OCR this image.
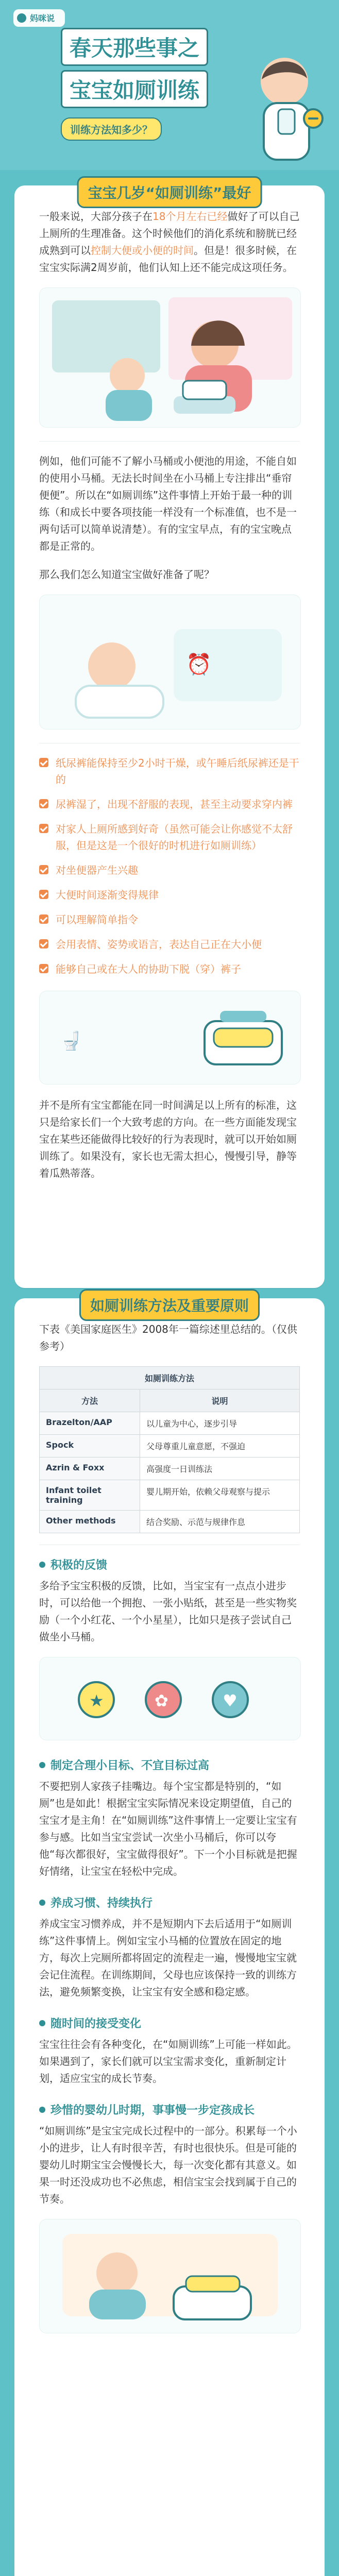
妈咪说
春天那些事之
宝宝如厕训练
训练方法知多少？
宝宝几岁“如厕训练”最好

一般来说，大部分孩子在18个月左右已经做好了可以自己上厕所的生理准备。这个时候他们的消化系统和膀胱已经成熟到可以控制大便或小便的时间。但是！很多时候，在宝宝实际满2周岁前，他们认知上还不能完成这项任务。

例如，他们可能不了解小马桶或小便池的用途，不能自如的使用小马桶。无法长时间坐在小马桶上专注排出“垂帘便便”。所以在“如厕训练”这件事情上开始于最一种的训练（和成长中要各项技能一样没有一个标准值，也不是一两句话可以简单说清楚）。有的宝宝早点，有的宝宝晚点都是正常的。

那么我们怎么知道宝宝做好准备了呢？

⏰
纸尿裤能保持至少2小时干燥，或午睡后纸尿裤还是干的
尿裤湿了，出现不舒服的表现，甚至主动要求穿内裤
对家人上厕所感到好奇（虽然可能会让你感觉不太舒服，但是这是一个很好的时机进行如厕训练）
对坐便器产生兴趣
大便时间逐渐变得规律
可以理解简单指令
会用表情、姿势或语言，表达自己正在大小便
能够自己或在大人的协助下脱（穿）裤子
🚽

并不是所有宝宝都能在同一时间满足以上所有的标准，这只是给家长们一个大致考虑的方向。在一些方面能发现宝宝在某些还能做得比较好的行为表现时，就可以开始如厕训练了。如果没有，家长也无需太担心，慢慢引导，静等着瓜熟蒂落。

如厕训练方法及重要原则

下表《美国家庭医生》2008年一篇综述里总结的。（仅供参考）

如厕训练方法	
方法	说明
Brazelton/AAP	以儿童为中心，逐步引导
Spock	父母尊重儿童意愿，不强迫
Azrin & Foxx	高强度一日训练法
Infant toilet training	婴儿期开始，依赖父母观察与提示
Other methods	结合奖励、示范与规律作息
积极的反馈

多给予宝宝积极的反馈，比如，当宝宝有一点点小进步时，可以给他一个拥抱、一张小贴纸，甚至是一些实物奖励（一个小红花、一个小星星），比如只是孩子尝试自己做坐小马桶。

★	✿	♥
制定合理小目标、不宜目标过高

不要把别人家孩子挂嘴边。每个宝宝都是特别的，“如厕”也是如此！根据宝宝实际情况来设定期望值，自己的宝宝才是主角！在“如厕训练”这件事情上一定要让宝宝有参与感。比如当宝宝尝试一次坐小马桶后，你可以夸他“每次都很好，宝宝做得很好”。下一个小目标就是把握好情绪，让宝宝在轻松中完成。

养成习惯、持续执行

养成宝宝习惯养成，并不是短期内下去后适用于“如厕训练”这件事情上。例如宝宝小马桶的位置放在固定的地方，每次上完厕所都将固定的流程走一遍，慢慢地宝宝就会记住流程。在训练期间，父母也应该保持一致的训练方法，避免频繁变换，让宝宝有安全感和稳定感。

随时间的接受变化

宝宝往往会有各种变化，在“如厕训练”上可能一样如此。如果遇到了，家长们就可以宝宝需求变化，重新制定计划，适应宝宝的成长节奏。

珍惜的婴幼儿时期，事事慢一步定孩成长

“如厕训练”是宝宝完成长过程中的一部分。积累每一个小小的进步，让人有时很辛苦，有时也很快乐。但是可能的婴幼儿时期宝宝会慢慢长大，每一次变化都有其意义。如果一时还没成功也不必焦虑，相信宝宝会找到属于自己的节奏。
